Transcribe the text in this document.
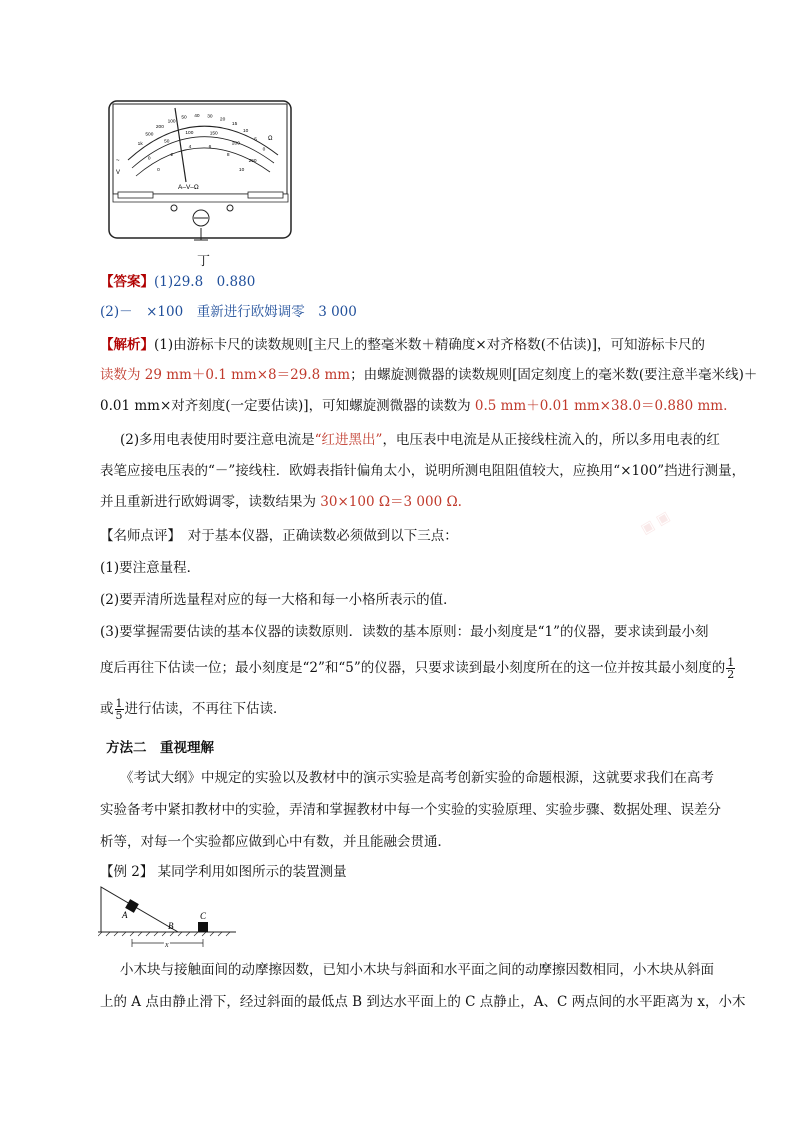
A–V–Ω
1k
500
200
100
50 40 30
20
15
10
5
0
0
50
100	150
200
250
0
2
4	6
8
10
Ω
~
V
丁
【答案】(1)29.8　0.880
(2)－　×100　重新进行欧姆调零　3 000
【解析】(1)由游标卡尺的读数规则[主尺上的整毫米数＋精确度×对齐格数(不估读)]，可知游标卡尺的
读数为 29 mm＋0.1 mm×8＝29.8 mm；由螺旋测微器的读数规则[固定刻度上的毫米数(要注意半毫米线)＋
0.01 mm×对齐刻度(一定要估读)]，可知螺旋测微器的读数为 0.5 mm＋0.01 mm×38.0＝0.880 mm.
(2)多用电表使用时要注意电流是“红进黑出”，电压表中电流是从正接线柱流入的，所以多用电表的红
表笔应接电压表的“－”接线柱．欧姆表指针偏角太小，说明所测电阻阻值较大，应换用“×100”挡进行测量，
并且重新进行欧姆调零，读数结果为 30×100 Ω＝3 000 Ω.
▣ ▣
【名师点评】　对于基本仪器，正确读数必须做到以下三点：
(1)要注意量程．
(2)要弄清所选量程对应的每一大格和每一小格所表示的值．
(3)要掌握需要估读的基本仪器的读数原则．读数的基本原则：最小刻度是“1”的仪器，要求读到最小刻
度后再往下估读一位；最小刻度是“2”和“5”的仪器，只要求读到最小刻度所在的这一位并按其最小刻度的 $\frac{1}{2}$
或 $\frac{1}{5}$ 进行估读，不再往下估读．
方法二　重视理解
《考试大纲》中规定的实验以及教材中的演示实验是高考创新实验的命题根源，这就要求我们在高考
实验备考中紧扣教材中的实验，弄清和掌握教材中每一个实验的实验原理、实验步骤、数据处理、误差分
析等，对每一个实验都应做到心中有数，并且能融会贯通．
【例 2】 某同学利用如图所示的装置测量
A
B
C
x
小木块与接触面间的动摩擦因数，已知小木块与斜面和水平面之间的动摩擦因数相同，小木块从斜面
上的 A 点由静止滑下，经过斜面的最低点 B 到达水平面上的 C 点静止，A、C 两点间的水平距离为 x，小木
